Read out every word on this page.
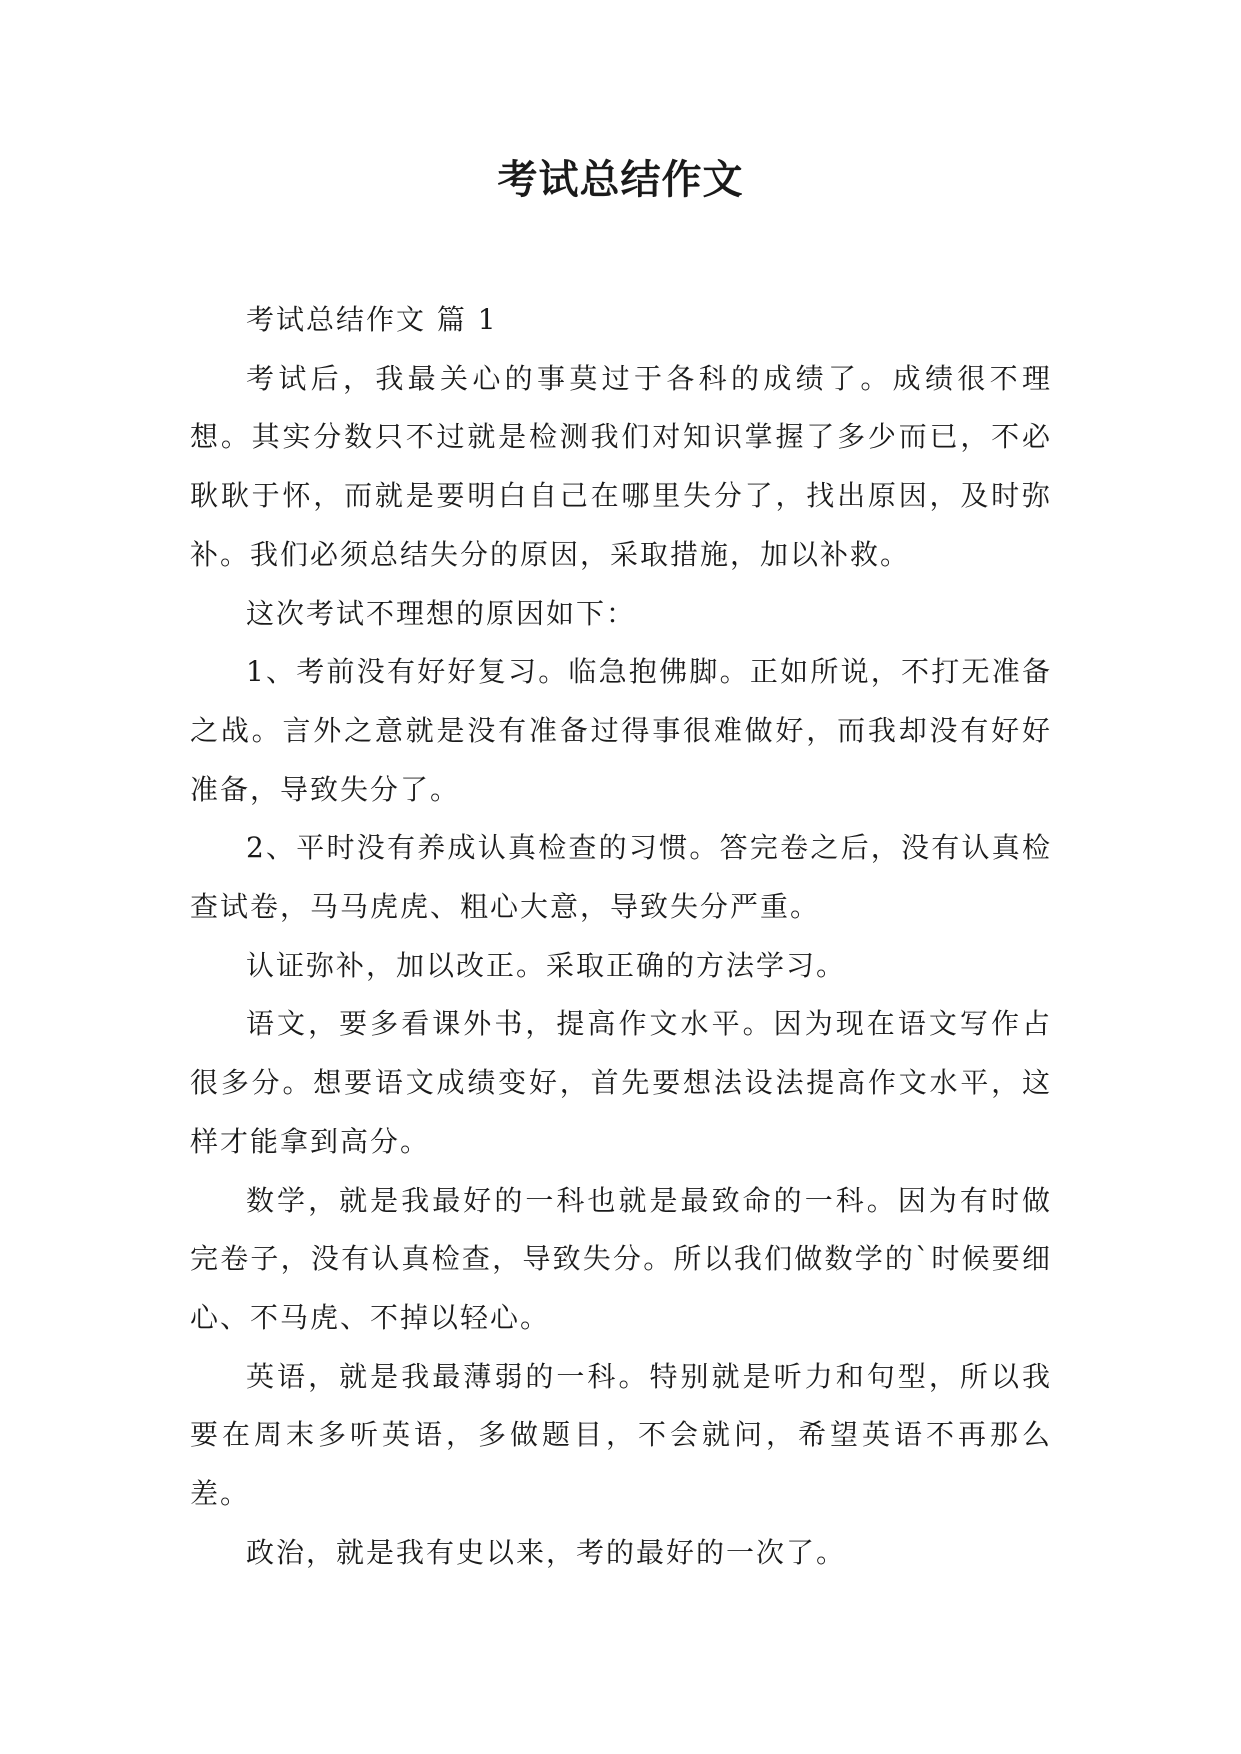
考试总结作文

考试总结作文 篇 1

考试后，我最关心的事莫过于各科的成绩了。成绩很不理想。其实分数只不过就是检测我们对知识掌握了多少而已，不必耿耿于怀，而就是要明白自己在哪里失分了，找出原因，及时弥补。我们必须总结失分的原因，采取措施，加以补救。

这次考试不理想的原因如下：

1、考前没有好好复习。临急抱佛脚。正如所说，不打无准备之战。言外之意就是没有准备过得事很难做好，而我却没有好好准备，导致失分了。

2、平时没有养成认真检查的习惯。答完卷之后，没有认真检查试卷，马马虎虎、粗心大意，导致失分严重。

认证弥补，加以改正。采取正确的方法学习。

语文，要多看课外书，提高作文水平。因为现在语文写作占很多分。想要语文成绩变好，首先要想法设法提高作文水平，这样才能拿到高分。

数学，就是我最好的一科也就是最致命的一科。因为有时做完卷子，没有认真检查，导致失分。所以我们做数学的`时候要细心、不马虎、不掉以轻心。

英语，就是我最薄弱的一科。特别就是听力和句型，所以我要在周末多听英语，多做题目，不会就问，希望英语不再那么差。

政治，就是我有史以来，考的最好的一次了。
